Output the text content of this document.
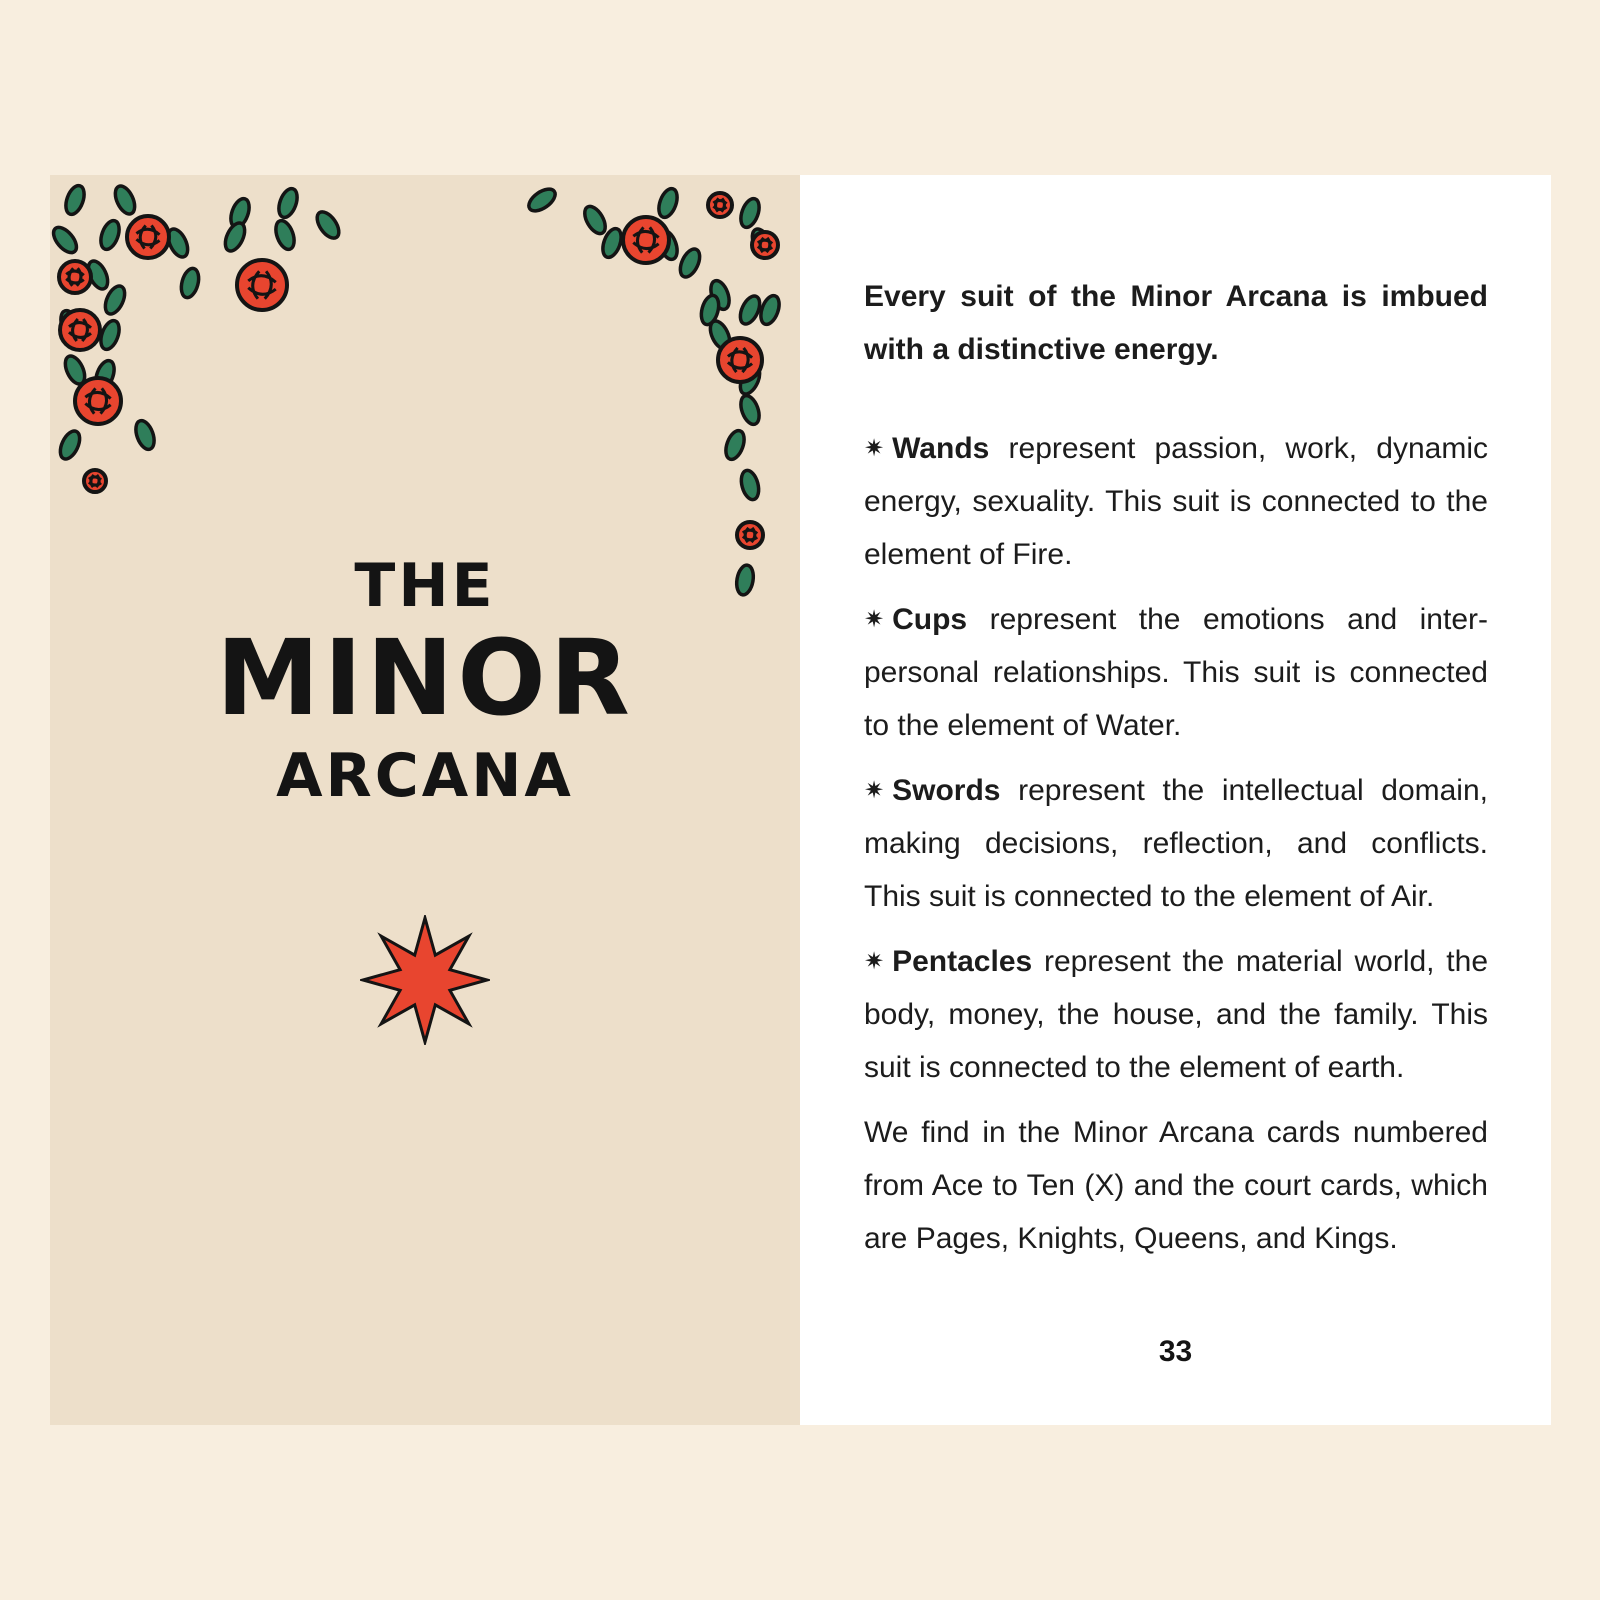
THE
MINOR
ARCANA

Every suit of the Minor Arcana is imbued with a distinctive energy.

✷ Wands represent passion, work, dynamic energy, sexuality. This suit is connected to the element of Fire.

✷ Cups represent the emotions and inter-personal relationships. This suit is connected to the element of Water.

✷ Swords represent the intellectual domain, making decisions, reflection, and conflicts. This suit is connected to the element of Air.

✷ Pentacles represent the material world, the body, money, the house, and the family. This suit is connected to the element of earth.

We find in the Minor Arcana cards numbered from Ace to Ten (X) and the court cards, which are Pages, Knights, Queens, and Kings.

33
